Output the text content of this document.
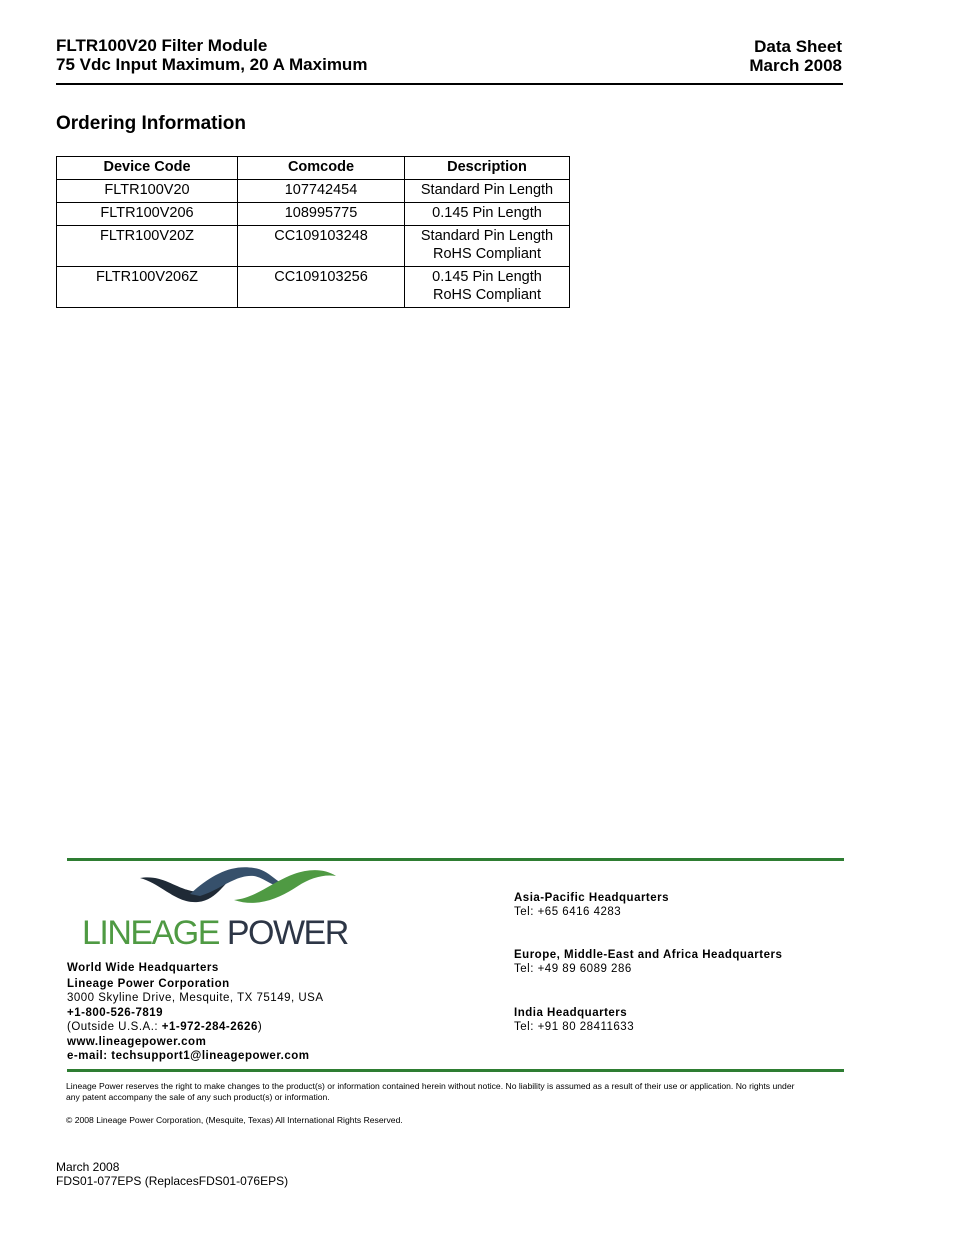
FLTR100V20 Filter Module
75 Vdc Input Maximum, 20 A Maximum
Data Sheet
March 2008
Ordering Information
Device Code	Comcode	Description
FLTR100V20	107742454	Standard Pin Length

FLTR100V206	108995775	0.145 Pin Length

FLTR100V20Z	CC109103248	Standard Pin Length
RoHS Compliant

FLTR100V206Z	CC109103256	0.145 Pin Length
RoHS Compliant
LINEAGE POWER
World Wide Headquarters
Lineage Power Corporation
3000 Skyline Drive, Mesquite, TX 75149, USA
+1-800-526-7819
(Outside U.S.A.: +1-972-284-2626)
www.lineagepower.com
e-mail: techsupport1@lineagepower.com
Asia-Pacific Headquarters
Tel: +65 6416 4283
Europe, Middle-East and Africa Headquarters
Tel: +49 89 6089 286
India Headquarters
Tel: +91 80 28411633
Lineage Power reserves the right to make changes to the product(s) or information contained herein without notice. No liability is assumed as a result of their use or application. No rights under any patent accompany the sale of any such product(s) or information.
© 2008 Lineage Power Corporation, (Mesquite, Texas) All International Rights Reserved.
March 2008
FDS01-077EPS (ReplacesFDS01-076EPS)
